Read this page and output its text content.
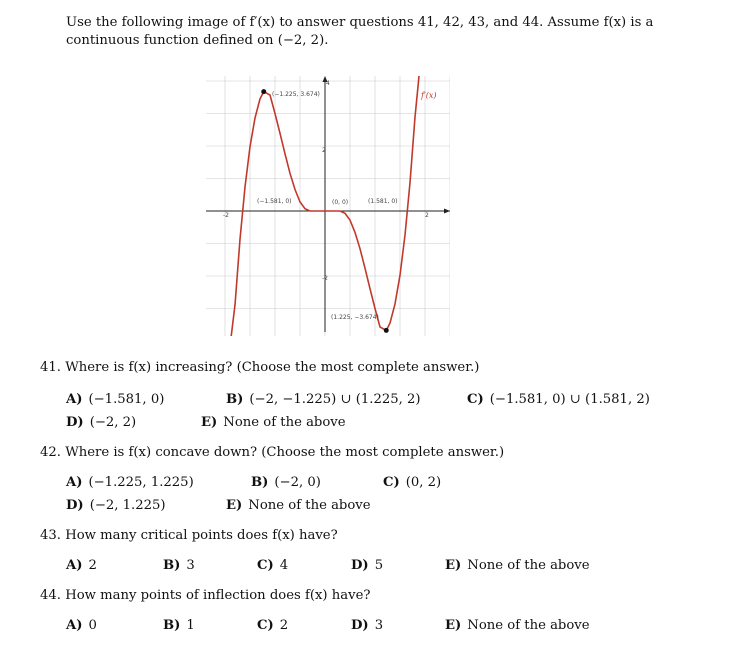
Use the following image of f′(x) to answer questions 41, 42, 43, and 44. Assume f(x) is a
continuous function defined on (−2, 2).
-2	2
4
2
-2
(−1.225, 3.674)
(−1.581, 0)	(0, 0)	(1.581, 0)
(1.225, −3.674)
f′(x)
41. Where is f(x) increasing? (Choose the most complete answer.)
A) (−1.581, 0)	B) (−2, −1.225) ∪ (1.225, 2)	C) (−1.581, 0) ∪ (1.581, 2)
D) (−2, 2)	E) None of the above
42. Where is f(x) concave down? (Choose the most complete answer.)
A) (−1.225, 1.225)	B) (−2, 0)	C) (0, 2)
D) (−2, 1.225)	E) None of the above
43. How many critical points does f(x) have?
A) 2	B) 3	C) 4	D) 5	E) None of the above
44. How many points of inflection does f(x) have?
A) 0	B) 1	C) 2	D) 3	E) None of the above
